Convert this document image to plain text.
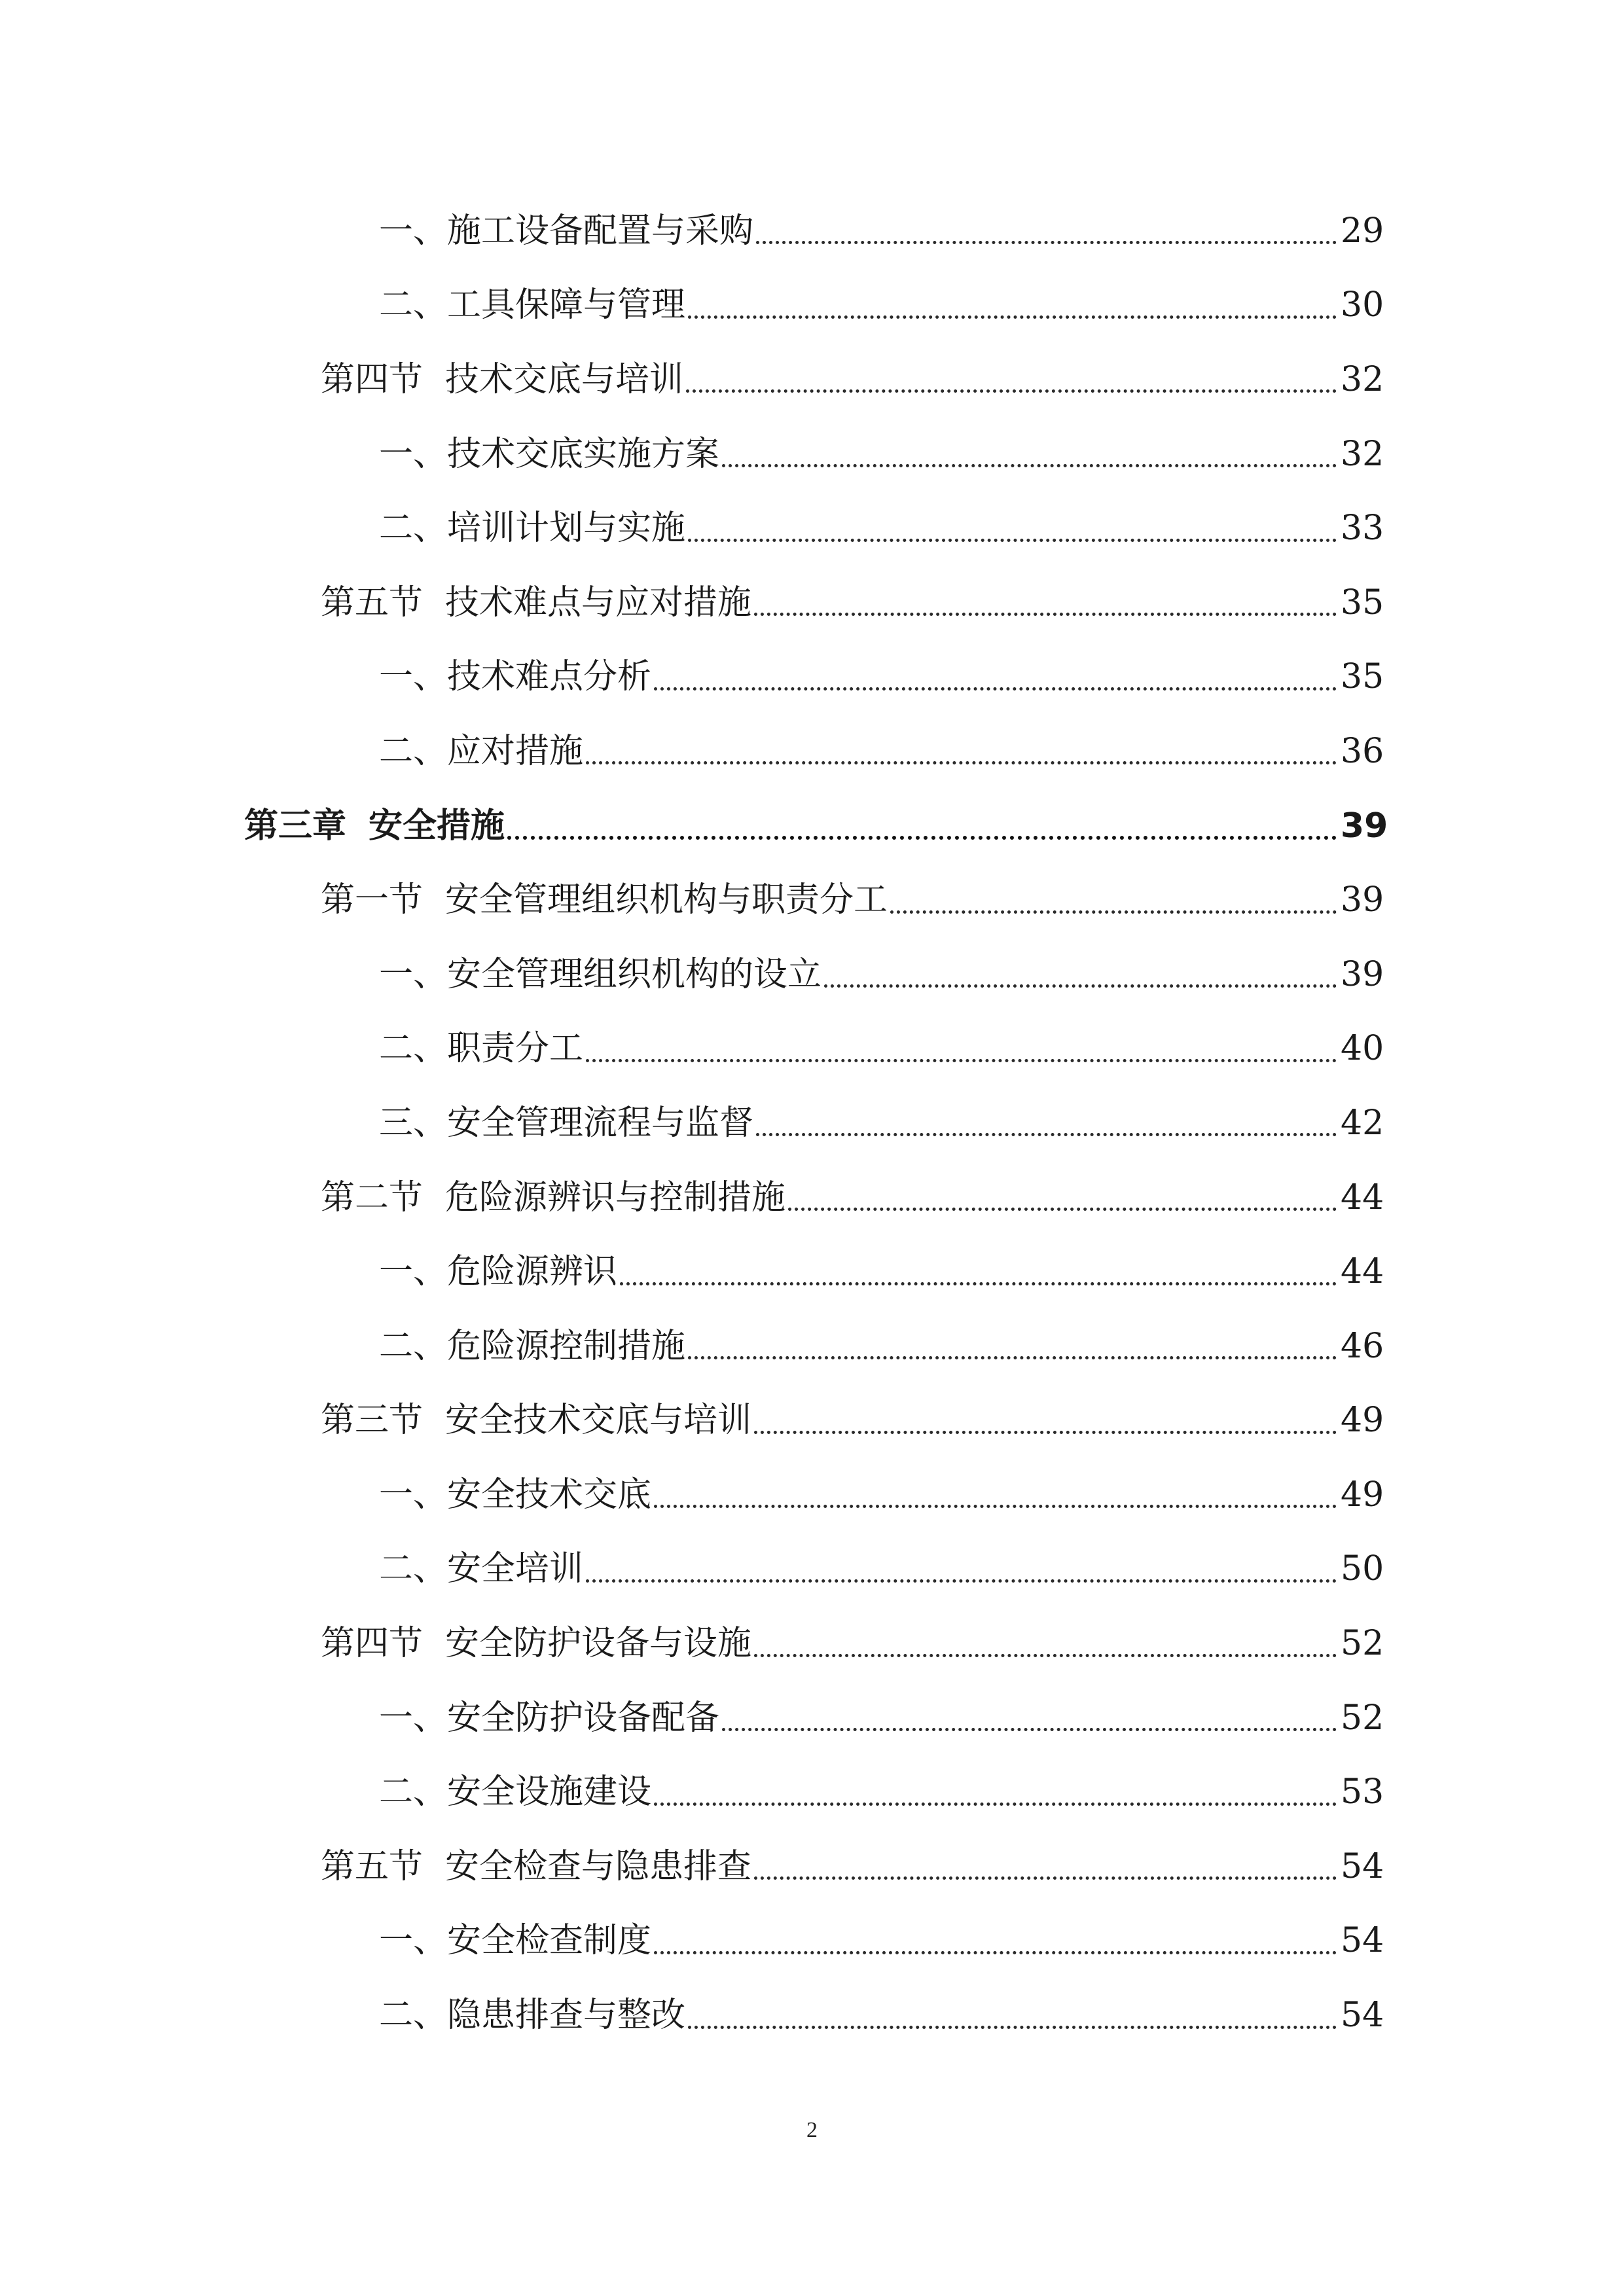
一、施工设备配置与采购	29
二、工具保障与管理	30
第四节 技术交底与培训	32
一、技术交底实施方案	32
二、培训计划与实施	33
第五节 技术难点与应对措施	35
一、技术难点分析	35
二、应对措施	36
第三章 安全措施	39
第一节 安全管理组织机构与职责分工	39
一、安全管理组织机构的设立	39
二、职责分工	40
三、安全管理流程与监督	42
第二节 危险源辨识与控制措施	44
一、危险源辨识	44
二、危险源控制措施	46
第三节 安全技术交底与培训	49
一、安全技术交底	49
二、安全培训	50
第四节 安全防护设备与设施	52
一、安全防护设备配备	52
二、安全设施建设	53
第五节 安全检查与隐患排查	54
一、安全检查制度	54
二、隐患排查与整改	54
2
